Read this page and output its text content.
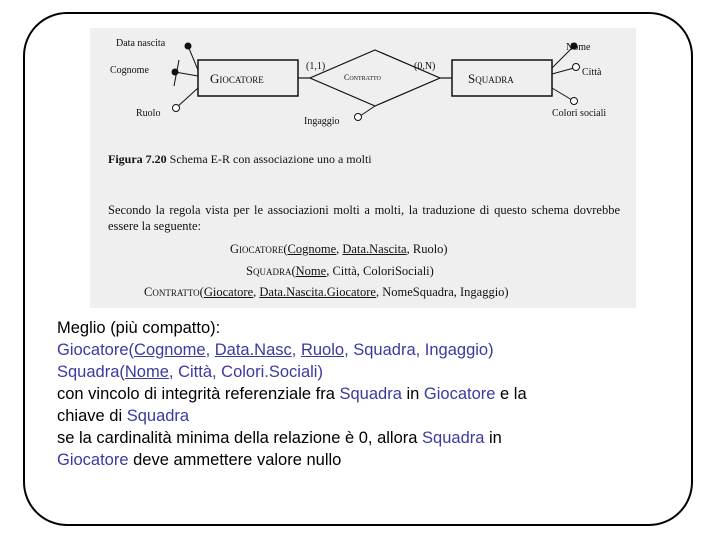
Data nascita
Cognome
Ruolo
Giocatore
(1,1)
Contratto
(0,N)
Squadra
Ingaggio
Nome
Città
Colori sociali
Figura 7.20 Schema E-R con associazione uno a molti
Secondo la regola vista per le associazioni molti a molti, la traduzione di questo schema dovrebbe essere la seguente:
Giocatore(Cognome, Data.Nascita, Ruolo)
Squadra(Nome, Città, ColoriSociali)
Contratto(Giocatore, Data.Nascita.Giocatore, NomeSquadra, Ingaggio)
Meglio (più compatto):
Giocatore(Cognome, Data.Nasc, Ruolo, Squadra, Ingaggio)
Squadra(Nome, Città, Colori.Sociali)
con vincolo di integrità referenziale fra Squadra in Giocatore e la
chiave di Squadra
se la cardinalità minima della relazione è 0, allora Squadra in
Giocatore deve ammettere valore nullo
